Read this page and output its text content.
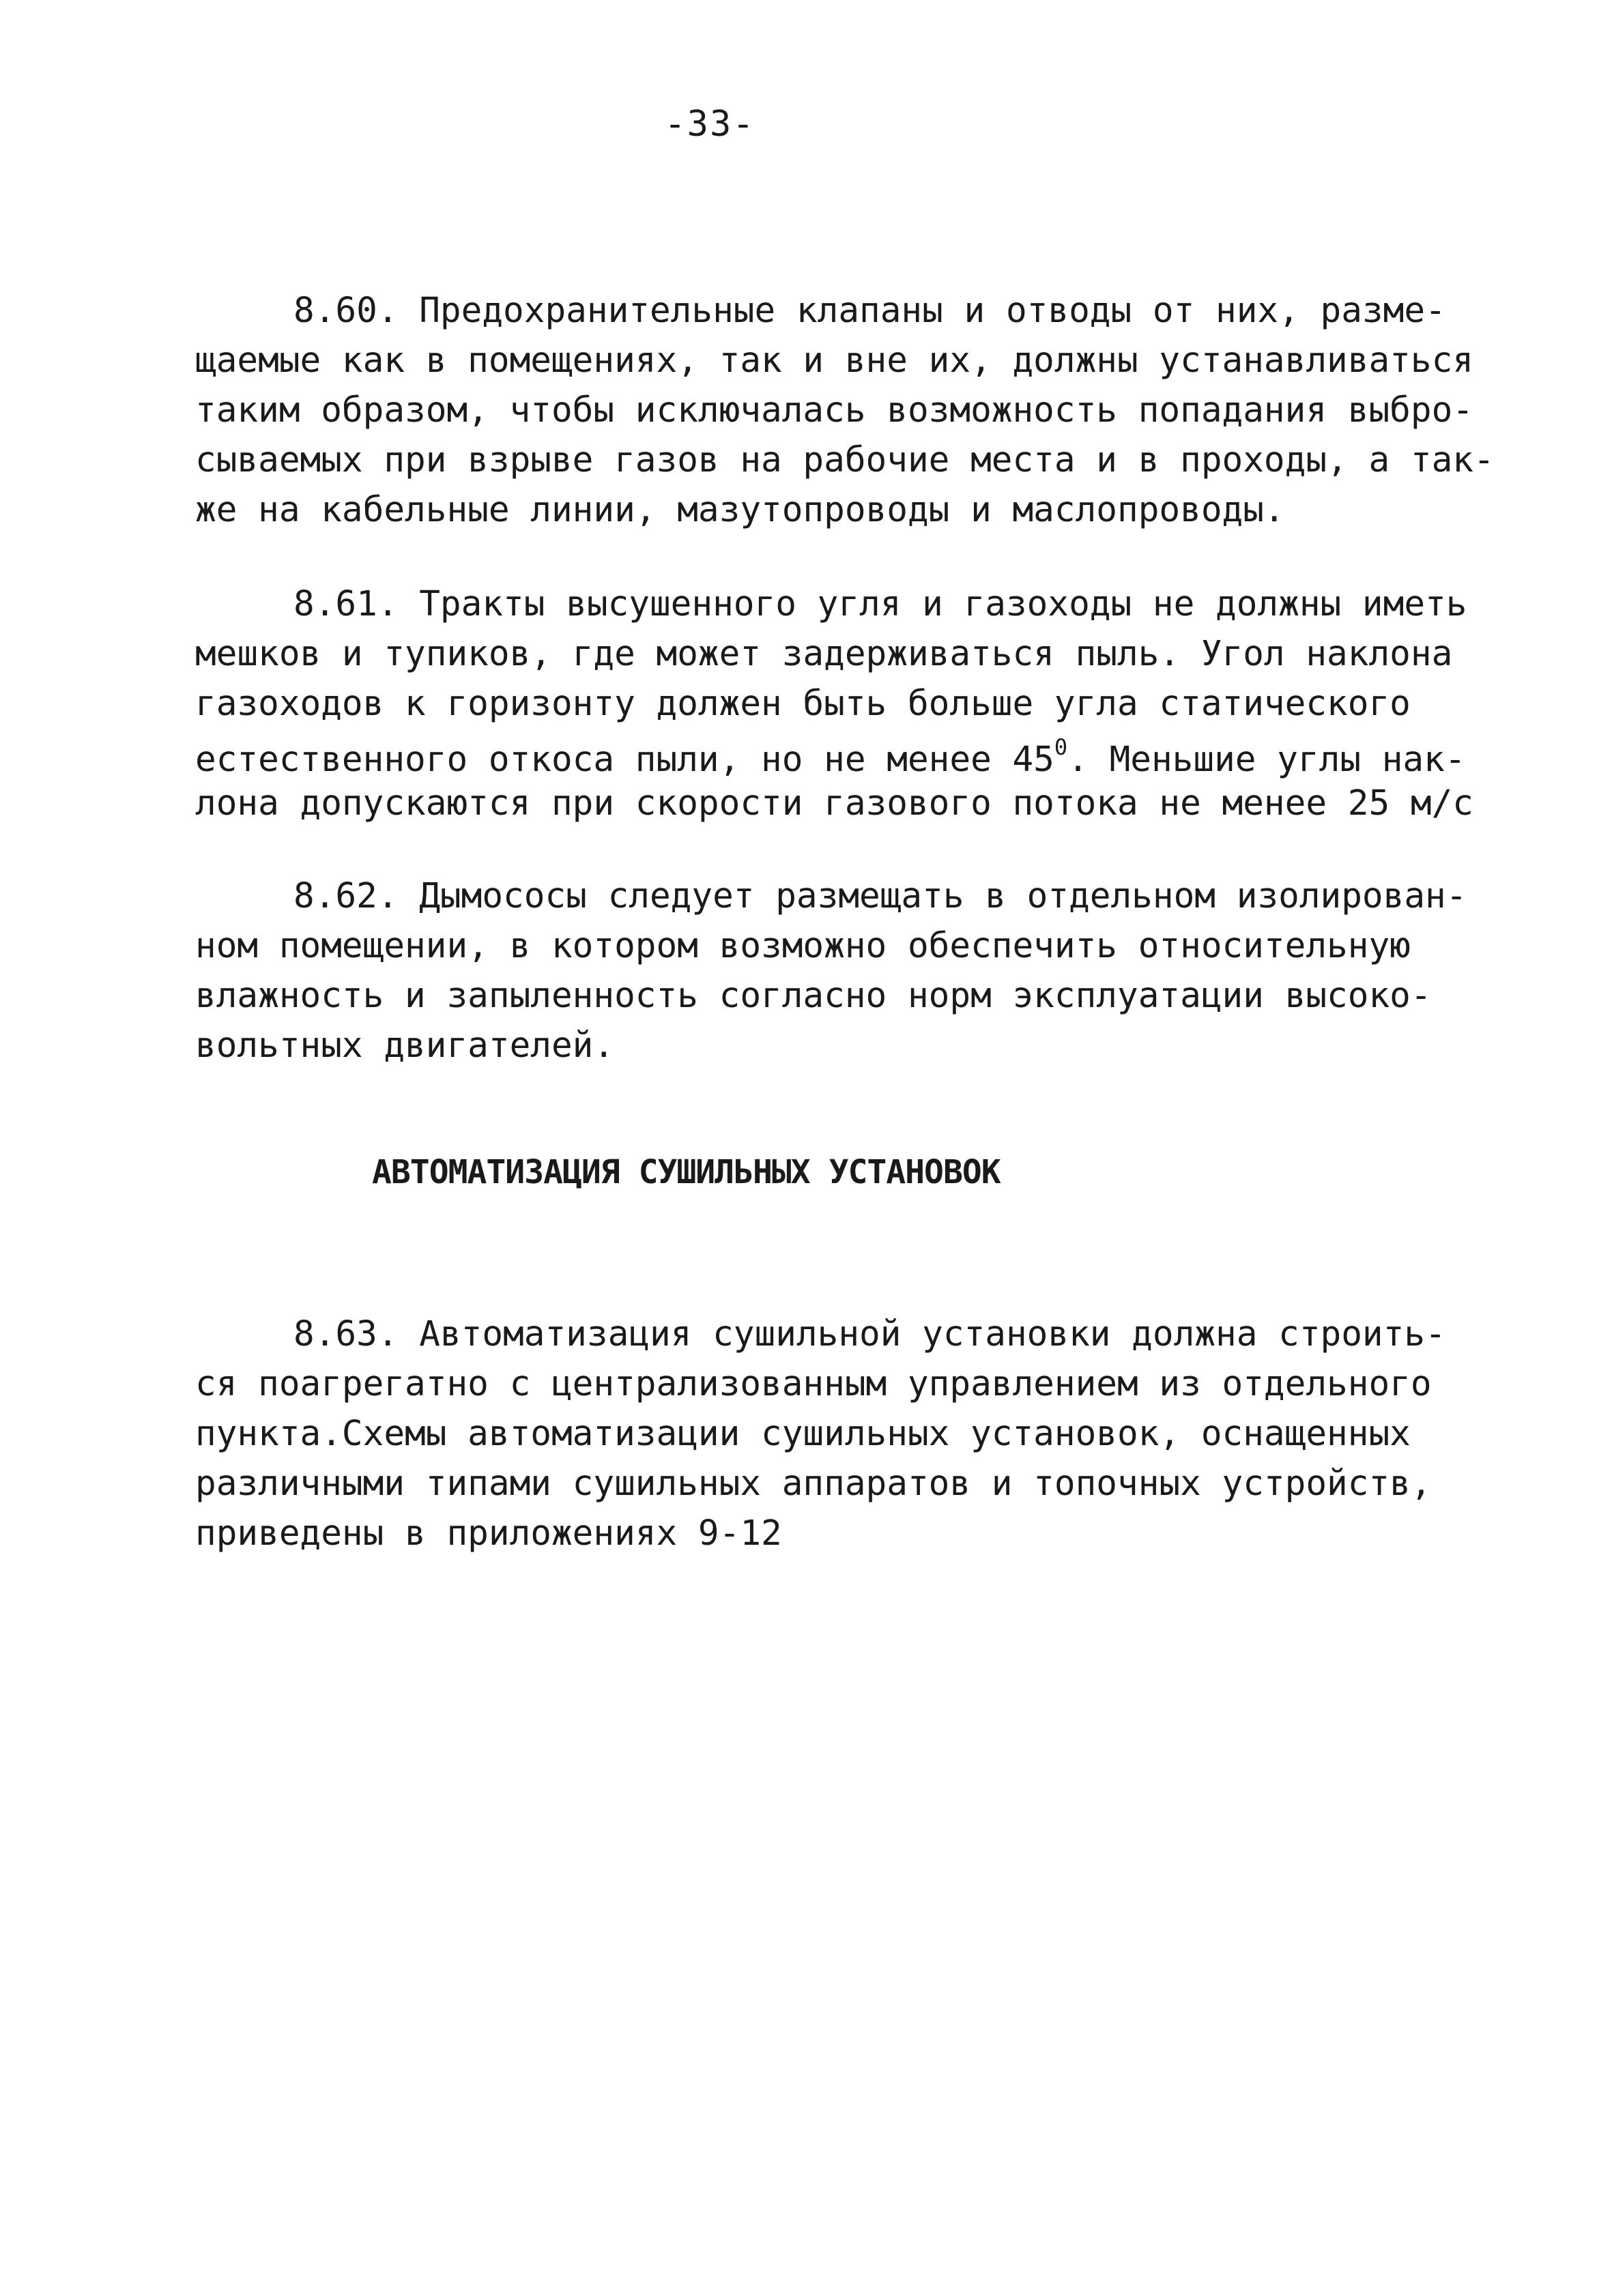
-33-
8.60. Предохранительные клапаны и отводы от них, разме-
щаемые как в помещениях, так и вне их, должны устанавливаться
таким образом, чтобы исключалась возможность попадания выбро-
сываемых при взрыве газов на рабочие места и в проходы, а так-
же на кабельные линии, мазутопроводы и маслопроводы.
8.61. Тракты высушенного угля и газоходы не должны иметь
мешков и тупиков, где может задерживаться пыль. Угол наклона
газоходов к горизонту должен быть больше угла статического
естественного откоса пыли, но не менее $45^0$. Меньшие углы нак-
лона допускаются при скорости газового потока не менее 25 м/с
8.62. Дымососы следует размещать в отдельном изолирован-
ном помещении, в котором возможно обеспечить относительную
влажность и запыленность согласно норм эксплуатации высоко-
вольтных двигателей.
АВТОМАТИЗАЦИЯ СУШИЛЬНЫХ УСТАНОВОК
8.63. Автоматизация сушильной установки должна строить-
ся поагрегатно с централизованным управлением из отдельного
пункта.Схемы автоматизации сушильных установок, оснащенных
различными типами сушильных аппаратов и топочных устройств,
приведены в приложениях 9-12
